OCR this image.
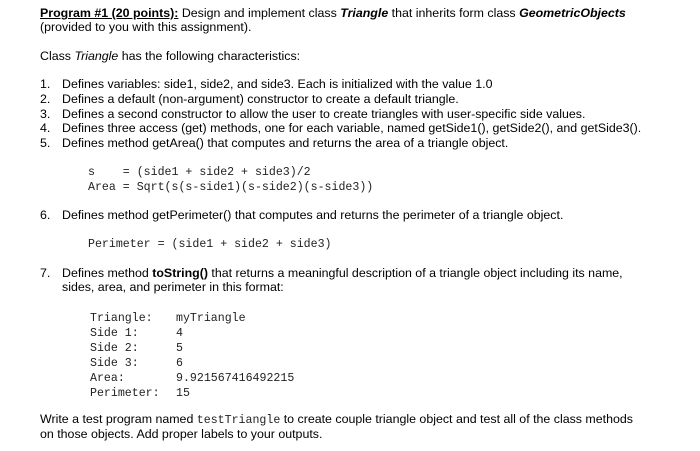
Program #1 (20 points): Design and implement class Triangle that inherits form class GeometricObjects
(provided to you with this assignment).
Class Triangle has the following characteristics:
1. Defines variables: side1, side2, and side3. Each is initialized with the value 1.0
2. Defines a default (non-argument) constructor to create a default triangle.
3. Defines a second constructor to allow the user to create triangles with user-specific side values.
4. Defines three access (get) methods, one for each variable, named getSide1(), getSide2(), and getSide3().
5. Defines method getArea() that computes and returns the area of a triangle object.
s    = (side1 + side2 + side3)/2
Area = Sqrt(s(s-side1)(s-side2)(s-side3))
6. Defines method getPerimeter() that computes and returns the perimeter of a triangle object.
Perimeter = (side1 + side2 + side3)
7. Defines method toString() that returns a meaningful description of a triangle object including its name,
sides, area, and perimeter in this format:
Triangle: myTriangle
Side 1:	4
Side 2:	5
Side 3:	6
Area:	9.921567416492215
Perimeter: 15
Write a test program named testTriangle to create couple triangle object and test all of the class methods
on those objects. Add proper labels to your outputs.
